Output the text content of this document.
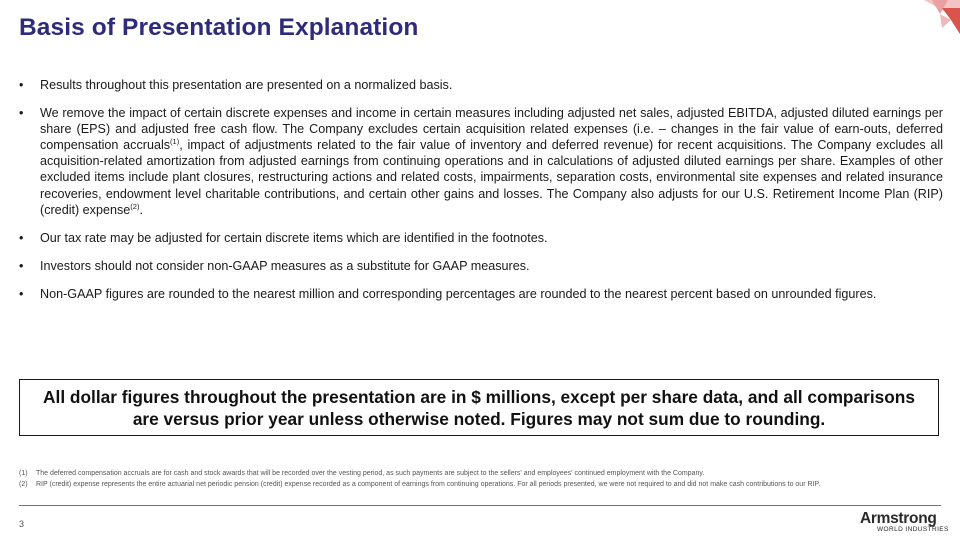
Basis of Presentation Explanation
• Results throughout this presentation are presented on a normalized basis.
• We remove the impact of certain discrete expenses and income in certain measures including adjusted net sales, adjusted EBITDA, adjusted diluted earnings per share (EPS) and adjusted free cash flow. The Company excludes certain acquisition related expenses (i.e. – changes in the fair value of earn-outs, deferred compensation accruals$^{(1)}$, impact of adjustments related to the fair value of inventory and deferred revenue) for recent acquisitions. The Company excludes all acquisition-related amortization from adjusted earnings from continuing operations and in calculations of adjusted diluted earnings per share. Examples of other excluded items include plant closures, restructuring actions and related costs, impairments, separation costs, environmental site expenses and related insurance recoveries, endowment level charitable contributions, and certain other gains and losses. The Company also adjusts for our U.S. Retirement Income Plan (RIP) (credit) expense$^{(2)}$.
• Our tax rate may be adjusted for certain discrete items which are identified in the footnotes.
• Investors should not consider non-GAAP measures as a substitute for GAAP measures.
• Non-GAAP figures are rounded to the nearest million and corresponding percentages are rounded to the nearest percent based on unrounded figures.
All dollar figures throughout the presentation are in $ millions, except per share data, and all comparisons are versus prior year unless otherwise noted. Figures may not sum due to rounding.
(1) The deferred compensation accruals are for cash and stock awards that will be recorded over the vesting period, as such payments are subject to the sellers' and employees' continued employment with the Company.
(2) RIP (credit) expense represents the entire actuarial net periodic pension (credit) expense recorded as a component of earnings from continuing operations. For all periods presented, we were not required to and did not make cash contributions to our RIP.
3	Armstrong
WORLD INDUSTRIES
